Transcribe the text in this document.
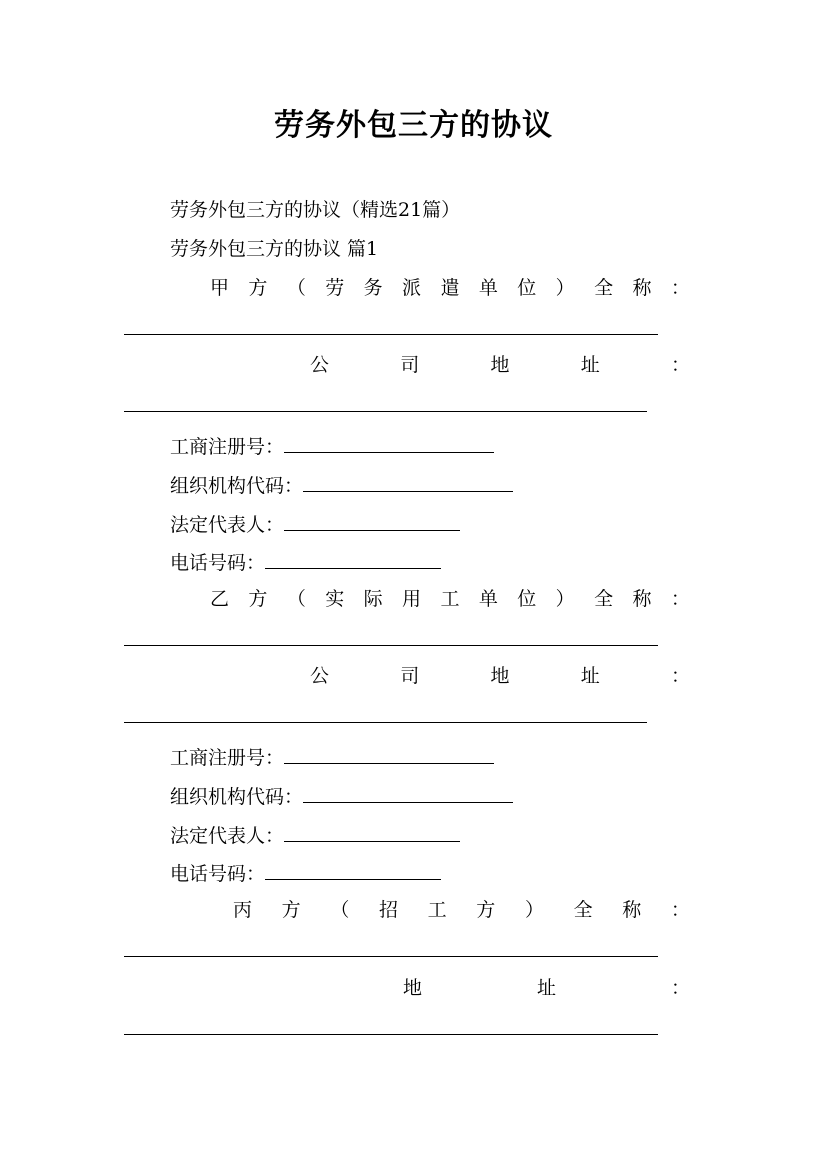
劳务外包三方的协议
劳务外包三方的协议（精选21篇）
劳务外包三方的协议 篇1
甲 方 （ 劳 务 派 遣 单 位 ） 全 称 ：
公	司	地	址	：
工商注册号：
组织机构代码：
法定代表人：
电话号码：
乙 方 （ 实 际 用 工 单 位 ） 全 称 ：
公	司	地	址	：
工商注册号：
组织机构代码：
法定代表人：
电话号码：
丙 方 （ 招 工 方 ） 全 称 ：
地	址	：
